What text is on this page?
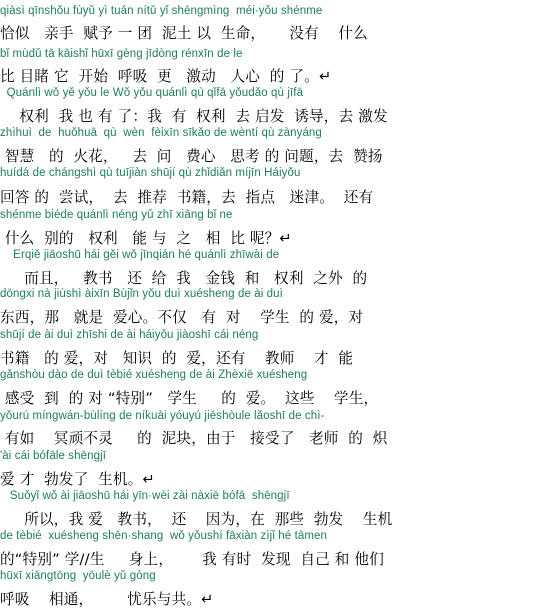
qiàsì qīnshǒu fùyǔ yì tuán nítǔ yǐ shēngmìng  méi·yǒu shénme
恰似   亲手  赋予 一 团  泥土 以  生命，     没有    什么
bǐ mùdǔ tā kāishǐ hūxī gèng jīdòng rénxīn de le
比 目睹 它  开始  呼吸  更   激动   人心  的 了。↵
Quánlì wǒ yě yǒu le Wǒ yǒu quánlì qù qǐfā yǒudǎo qù jīfā
权利  我 也 有 了：我  有  权利  去 启发  诱导，去 激发
zhìhuì  de  huǒhuā  qù  wèn  fèixīn sīkǎo de wèntí qù zànyáng
智慧   的  火花，   去  问   费心   思考 的 问题，去  赞扬
huídá de chángshì qù tuījiàn shūjí qù zhǐdiǎn míjīn Háiyǒu
回答 的  尝试，  去  推荐  书籍，去  指点   迷津。  还有
shénme biéde quánlì néng yǔ zhī xiāng bǐ ne
什么  别的   权利   能 与  之   相  比 呢？↵
Érqiě jiāoshū hái gěi wǒ jīnqián hé quánlì zhīwài de
而且，   教书   还  给  我   金钱  和   权利  之外  的
dōngxi nà jiùshì àixīn Bùjǐn yǒu duì xuésheng de ài duì
东西，那   就是  爱心。不仅   有  对    学生  的 爱，对
shūjí de ài duì zhīshi de ài háiyǒu jiàoshī cái néng
书籍   的 爱，对   知识  的  爱，还有    教师    才  能
gǎnshòu dào de duì tèbié xuésheng de ài Zhèxiē xuésheng
感受  到  的 对 “特别”   学生     的  爱。  这些    学生，
yǒurú míngwán-bùlíng de níkuài yóuyú jiēshòule lǎoshī de chì-
有如    冥顽不灵     的  泥块，由于   接受了   老师  的  炽
'ài cái bófāle shēngjī
爱 才  勃发了  生机。↵
Suǒyǐ wǒ ài jiāoshū hái yīn·wèi zài nàxiē bófā  shēngjī
所以，我 爱   教书，  还    因为，在  那些  勃发    生机
de tèbié  xuésheng shēn·shang  wǒ yǒushí fāxiàn zìjǐ hé tāmen
的“特别” 学//生     身上，      我 有时  发现  自己 和 他们
hūxī xiāngtōng  yōulè yǔ gòng
呼吸    相通，       忧乐与共。↵
